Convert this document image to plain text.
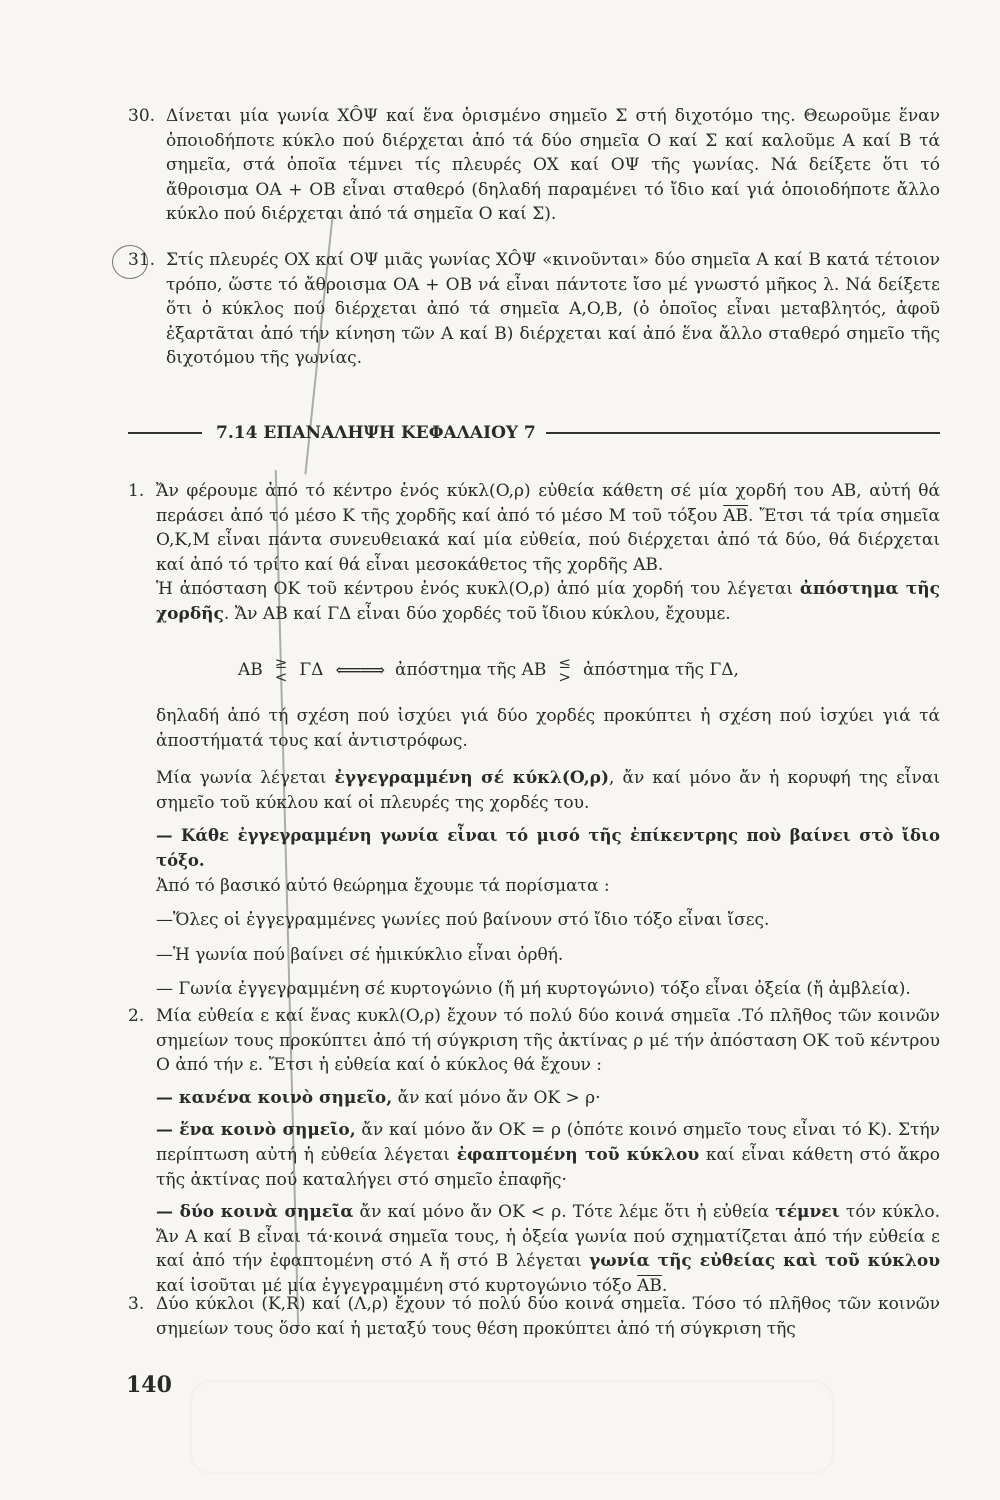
30. Δίνεται μία γωνία XÔΨ καί ἕνα ὁρισμένο σημεῖο Σ στή διχοτόμο της. Θεωροῦμε ἕναν ὁποιοδήποτε κύκλο πού διέρχεται ἀπό τά δύο σημεῖα O καί Σ καί καλοῦμε A καί B τά σημεῖα, στά ὁποῖα τέμνει τίς πλευρές OX καί OΨ τῆς γωνίας. Νά δείξετε ὅτι τό ἄθροισμα OA + OB εἶναι σταθερό (δηλαδή παραμένει τό ἴδιο καί γιά ὁποιοδήποτε ἄλλο κύκλο πού διέρχεται ἀπό τά σημεῖα O καί Σ).
31. Στίς πλευρές OX καί OΨ μιᾶς γωνίας XÔΨ «κινοῦνται» δύο σημεῖα A καί B κατά τέτοιον τρόπο, ὥστε τό ἄθροισμα OA + OB νά εἶναι πάντοτε ἴσο μέ γνωστό μῆκος λ. Νά δείξετε ὅτι ὁ κύκλος πού διέρχεται ἀπό τά σημεῖα A,O,B, (ὁ ὁποῖος εἶναι μεταβλητός, ἀφοῦ ἐξαρτᾶται ἀπό τήν κίνηση τῶν A καί B) διέρχεται καί ἀπό ἕνα ἄλλο σταθερό σημεῖο τῆς διχοτόμου τῆς γωνίας.
7.14 ΕΠΑΝΑΛΗΨΗ ΚΕΦΑΛΑΙΟΥ 7
1. Ἄν φέρουμε ἀπό τό κέντρο ἑνός κύκλ(O,ρ) εὐθεία κάθετη σέ μία χορδή του AB, αὐτή θά περάσει ἀπό τό μέσο K τῆς χορδῆς καί ἀπό τό μέσο M τοῦ τόξου $\overline{AB}$. Ἔτσι τά τρία σημεῖα O,K,M εἶναι πάντα συνευθειακά καί μία εὐθεία, πού διέρχεται ἀπό τά δύο, θά διέρχεται καί ἀπό τό τρίτο καί θά εἶναι μεσοκάθετος τῆς χορδῆς AB.

Ἡ ἀπόσταση OK τοῦ κέντρου ἑνός κυκλ(O,ρ) ἀπό μία χορδή του λέγεται ἀπόστημα τῆς χορδῆς. Ἄν AB καί ΓΔ εἶναι δύο χορδές τοῦ ἴδιου κύκλου, ἔχουμε.

AB ≥
< ΓΔ ⟸⟹ ἀπόστημα τῆς AB ≤
> ἀπόστημα τῆς ΓΔ,

δηλαδή ἀπό τή σχέση πού ἰσχύει γιά δύο χορδές προκύπτει ἡ σχέση πού ἰσχύει γιά τά ἀποστήματά τους καί ἀντιστρόφως.

Μία γωνία λέγεται ἐγγεγραμμένη σέ κύκλ(O,ρ), ἄν καί μόνο ἄν ἡ κορυφή της εἶναι σημεῖο τοῦ κύκλου καί οἱ πλευρές της χορδές του.

— Κάθε ἐγγεγραμμένη γωνία εἶναι τό μισό τῆς ἐπίκεντρης ποὺ βαίνει στὸ ἴδιο τόξο.

Ἀπό τό βασικό αὐτό θεώρημα ἔχουμε τά πορίσματα :

—Ὅλες οἱ ἐγγεγραμμένες γωνίες πού βαίνουν στό ἴδιο τόξο εἶναι ἴσες.

—Ἡ γωνία πού βαίνει σέ ἡμικύκλιο εἶναι ὀρθή.

— Γωνία ἐγγεγραμμένη σέ κυρτογώνιο (ἤ μή κυρτογώνιο) τόξο εἶναι ὀξεία (ἤ ἀμβλεία).

2. Μία εὐθεία ε καί ἕνας κυκλ(O,ρ) ἔχουν τό πολύ δύο κοινά σημεῖα .Τό πλῆθος τῶν κοινῶν σημείων τους προκύπτει ἀπό τή σύγκριση τῆς ἀκτίνας ρ μέ τήν ἀπόσταση OK τοῦ κέντρου O ἀπό τήν ε. Ἔτσι ἡ εὐθεία καί ὁ κύκλος θά ἔχουν :

— κανένα κοινὸ σημεῖο, ἄν καί μόνο ἄν OK > ρ·

— ἕνα κοινὸ σημεῖο, ἄν καί μόνο ἄν OK = ρ (ὁπότε κοινό σημεῖο τους εἶναι τό K). Στήν περίπτωση αὐτή ἡ εὐθεία λέγεται ἐφαπτομένη τοῦ κύκλου καί εἶναι κάθετη στό ἄκρο τῆς ἀκτίνας πού καταλήγει στό σημεῖο ἐπαφῆς·

— δύο κοινὰ σημεῖα ἄν καί μόνο ἄν OK < ρ. Τότε λέμε ὅτι ἡ εὐθεία τέμνει τόν κύκλο. Ἄν A καί B εἶναι τά·κοινά σημεῖα τους, ἡ ὀξεία γωνία πού σχηματίζεται ἀπό τήν εὐθεία ε καί ἀπό τήν ἐφαπτομένη στό A ἤ στό B λέγεται γωνία τῆς εὐθείας καὶ τοῦ κύκλου καί ἰσοῦται μέ μία ἐγγεγραμμένη στό κυρτογώνιο τόξο $\overline{AB}$.

3. Δύο κύκλοι (K,R) καί (Λ,ρ) ἔχουν τό πολύ δύο κοινά σημεῖα. Τόσο τό πλῆθος τῶν κοινῶν σημείων τους ὅσο καί ἡ μεταξύ τους θέση προκύπτει ἀπό τή σύγκριση τῆς

140
